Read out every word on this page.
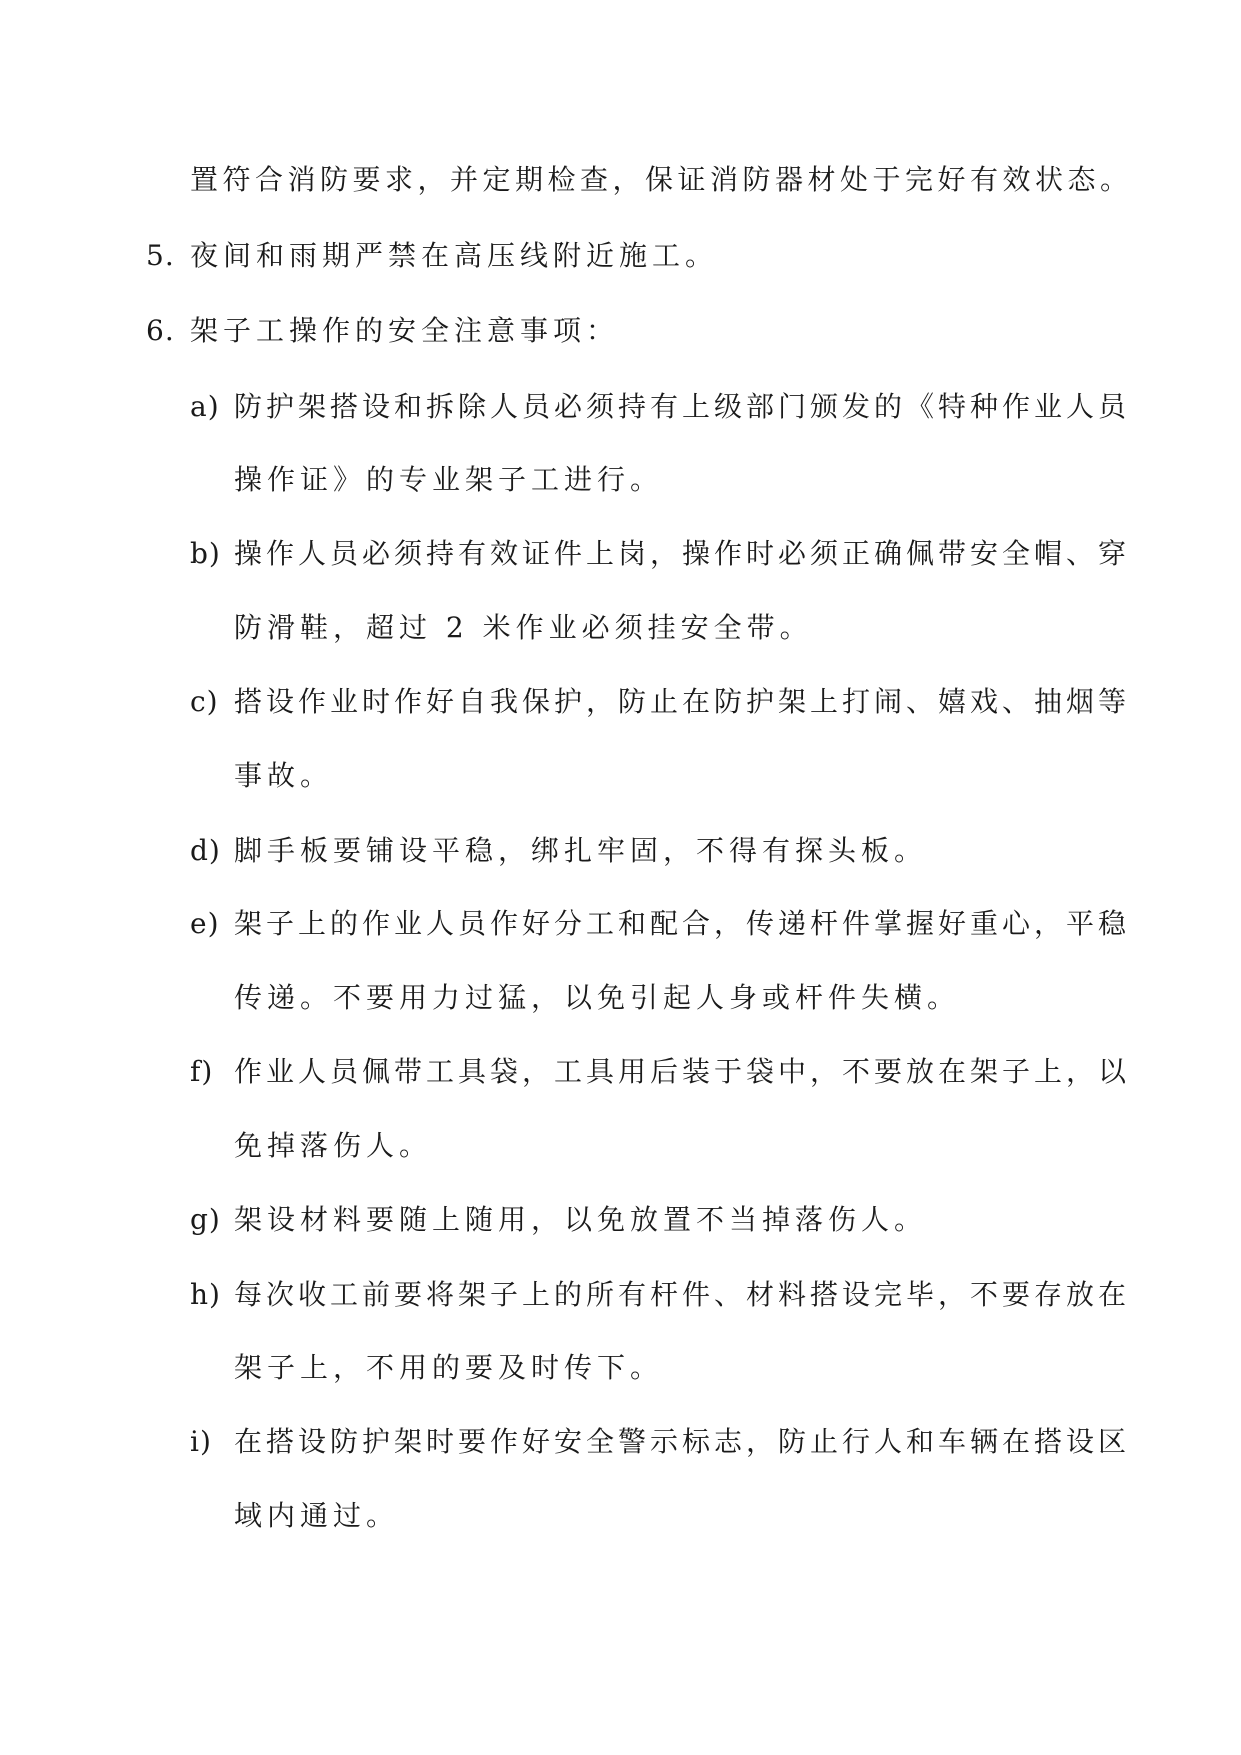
置符合消防要求，并定期检查，保证消防器材处于完好有效状态。
5. 夜间和雨期严禁在高压线附近施工。
6. 架子工操作的安全注意事项：
a) 防护架搭设和拆除人员必须持有上级部门颁发的《特种作业人员
操作证》的专业架子工进行。
b) 操作人员必须持有效证件上岗，操作时必须正确佩带安全帽、穿
防滑鞋，超过 2 米作业必须挂安全带。
c) 搭设作业时作好自我保护，防止在防护架上打闹、嬉戏、抽烟等
事故。
d) 脚手板要铺设平稳，绑扎牢固，不得有探头板。
e) 架子上的作业人员作好分工和配合，传递杆件掌握好重心，平稳
传递。不要用力过猛，以免引起人身或杆件失横。
f) 作业人员佩带工具袋，工具用后装于袋中，不要放在架子上，以
免掉落伤人。
g) 架设材料要随上随用，以免放置不当掉落伤人。
h) 每次收工前要将架子上的所有杆件、材料搭设完毕，不要存放在
架子上，不用的要及时传下。
i) 在搭设防护架时要作好安全警示标志，防止行人和车辆在搭设区
域内通过。
